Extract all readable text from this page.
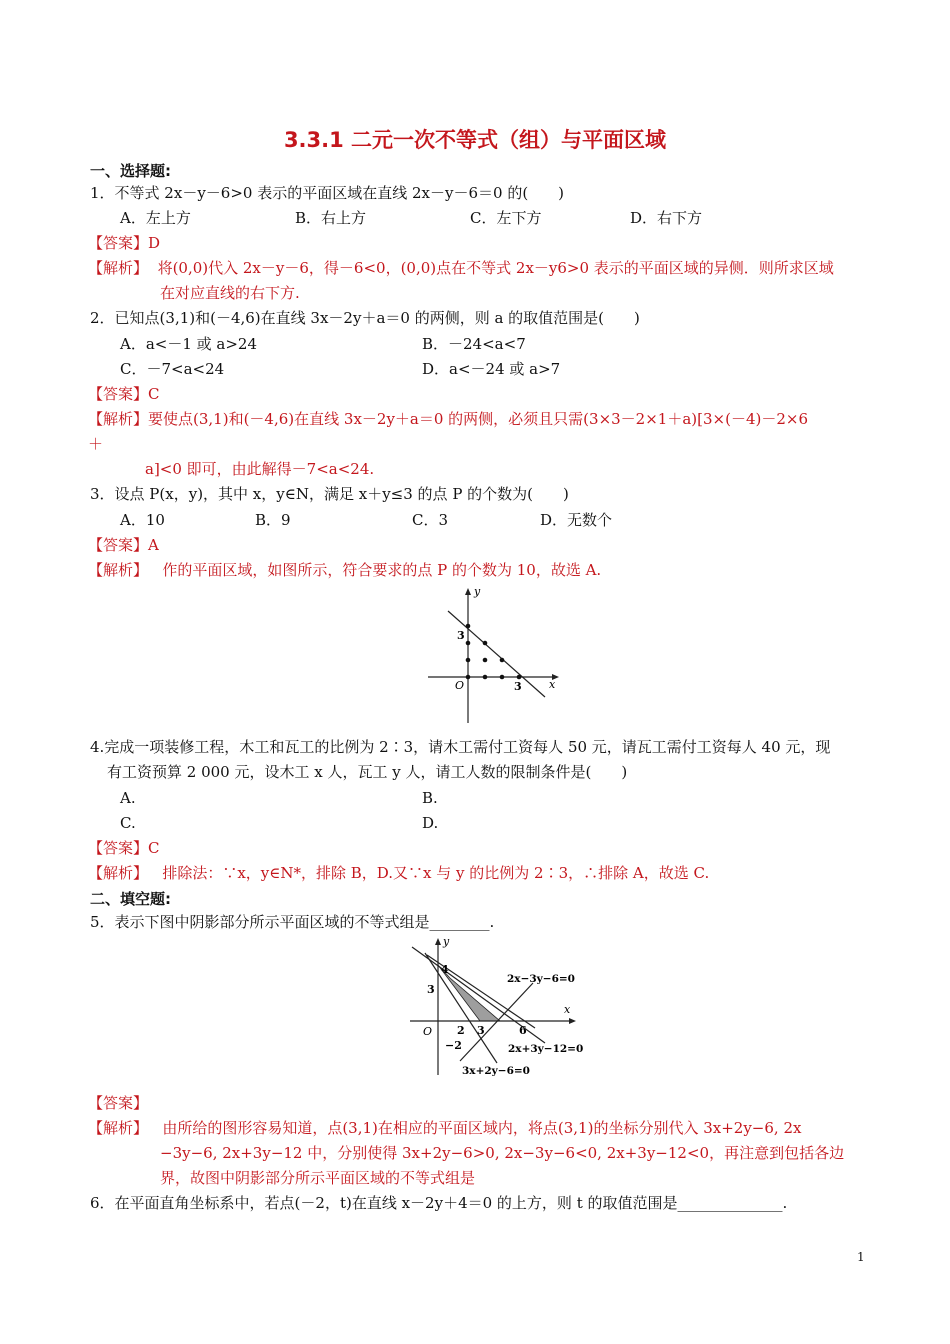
3.3.1 二元一次不等式（组）与平面区域
一、选择题:
1．不等式 2x－y－6>0 表示的平面区域在直线 2x－y－6＝0 的(　　)
A．左上方	B．右上方	C．左下方	D．右下方
【答案】D
【解析】 将(0,0)代入 2x－y－6，得－6<0，(0,0)点在不等式 2x－y6>0 表示的平面区域的异侧．则所求区域
在对应直线的右下方.
2．已知点(3,1)和(－4,6)在直线 3x－2y＋a＝0 的两侧，则 a 的取值范围是(　　)
A．a<－1 或 a>24	B．－24<a<7
C．－7<a<24	D．a<－24 或 a>7
【答案】C
【解析】要使点(3,1)和(－4,6)在直线 3x－2y＋a＝0 的两侧，必须且只需(3×3－2×1＋a)[3×(－4)－2×6
＋
a]<0 即可，由此解得－7<a<24.
3．设点 P(x，y)，其中 x，y∈N，满足 x＋y≤3 的点 P 的个数为(　　)
A．10	B．9	C．3	D．无数个
【答案】A
【解析】 作的平面区域，如图所示，符合要求的点 P 的个数为 10，故选 A.
y
x
O
3
3
4.完成一项装修工程，木工和瓦工的比例为 2∶3，请木工需付工资每人 50 元，请瓦工需付工资每人 40 元，现
有工资预算 2 000 元，设木工 x 人，瓦工 y 人，请工人数的限制条件是(　　)
A.	B.
C.	D.
【答案】C
【解析】 排除法：∵x，y∈N*，排除 B，D.又∵x 与 y 的比例为 2∶3，∴排除 A，故选 C.
二、填空题:
5．表示下图中阴影部分所示平面区域的不等式组是________.
y
x
O
4
3
2 3	6
−2
2x−3y−6=0
2x+3y−12=0
3x+2y−6=0
【答案】
【解析】 由所给的图形容易知道，点(3,1)在相应的平面区域内，将点(3,1)的坐标分别代入 3x+2y−6, 2x
−3y−6, 2x+3y−12 中，分别使得 3x+2y−6>0, 2x−3y−6<0, 2x+3y−12<0，再注意到包括各边
界，故图中阴影部分所示平面区域的不等式组是
6．在平面直角坐标系中，若点(－2，t)在直线 x－2y＋4＝0 的上方，则 t 的取值范围是______________.
1
